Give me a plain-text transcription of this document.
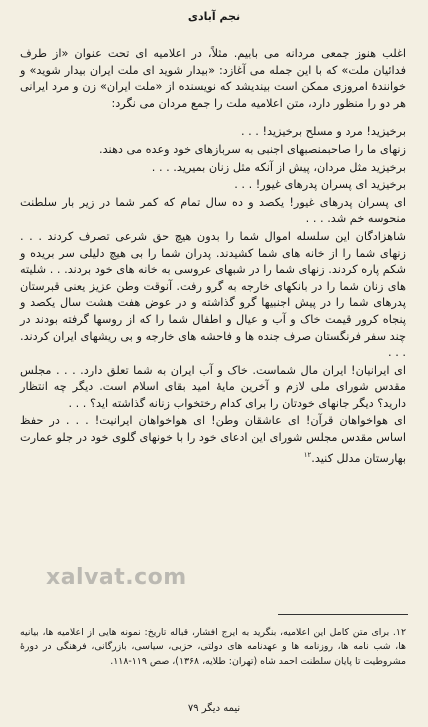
نجم آبادی

اغلب هنوز جمعی مردانه می بابیم. مثلاً، در اعلامیه ای تحت عنوان «از طرف فدائیان ملت» که با این جمله می آغازد: «بیدار شوید ای ملت ایران بیدار شوید» و خوانندهٔ امروزی ممکن است بیندیشد که نویسنده از «ملت ایران» زن و مرد ایرانی هر دو را منظور دارد، متن اعلامیه ملت را جمع مردان می نگرد:

برخیزید! مرد و مسلح برخیزید! . . .

زنهای ما را صاحبمنصبهای اجنبی به سربازهای خود وعده می دهند.

برخیزید مثل مردان، پیش از آنکه مثل زنان بمیرید. . . .

برخیزید ای پسران پدرهای غیور! . . .

ای پسران پدرهای غیور! یکصد و ده سال تمام که کمر شما در زیر بار سلطنت منحوسه خم شد. . . .

شاهزادگان این سلسله اموال شما را بدون هیچ حق شرعی تصرف کردند . . . زنهای شما را از خانه های شما کشیدند. پدران شما را بی هیچ دلیلی سر بریده و شکم پاره کردند. زنهای شما را در شبهای عروسی به خانه های خود بردند. . . شلیته های زنان شما را در بانکهای خارجه به گرو رفت. آنوقت وطن عزیز یعنی قبرستان پدرهای شما را در پیش اجنبیها گرو گذاشته و در عوض هفت هشت سال یکصد و پنجاه کرور قیمت خاک و آب و عیال و اطفال شما را که از روسها گرفته بودند در چند سفر فرنگستان صرف جنده ها و فاحشه های خارجه و بی ریشهای ایران کردند. . . .

ای ایرانیان! ایران مال شماست. خاک و آب ایران به شما تعلق دارد. . . . مجلس مقدس شورای ملی لازم و آخرین مایهٔ امید بقای اسلام است. دیگر چه انتظار دارید؟ دیگر جانهای خودتان را برای کدام رختخواب زنانه گذاشته اید؟ . . .

ای هواخواهان قرآن! ای عاشقان وطن! ای هواخواهان ایرانیت! . . . در حفظ اساس مقدس مجلس شورای این ادعای خود را با خونهای گلوی خود در جلو عمارت بهارستان مدلل کنید.$^{۱۲}$

xalvat.com
۱۲. برای متن کامل این اعلامیه، بنگرید به ایرج افشار، قباله تاریخ: نمونه هایی از اعلامیه ها، بیانیه ها، شب نامه ها، روزنامه ها و عهدنامه های دولتی، حزبی، سیاسی، بازرگانی، فرهنگی در دورهٔ مشروطیت تا پایان سلطنت احمد شاه (تهران: طلایه، ۱۳۶۸)، صص ۱۱۹-۱۱۸.
نیمه دیگر ۷۹
